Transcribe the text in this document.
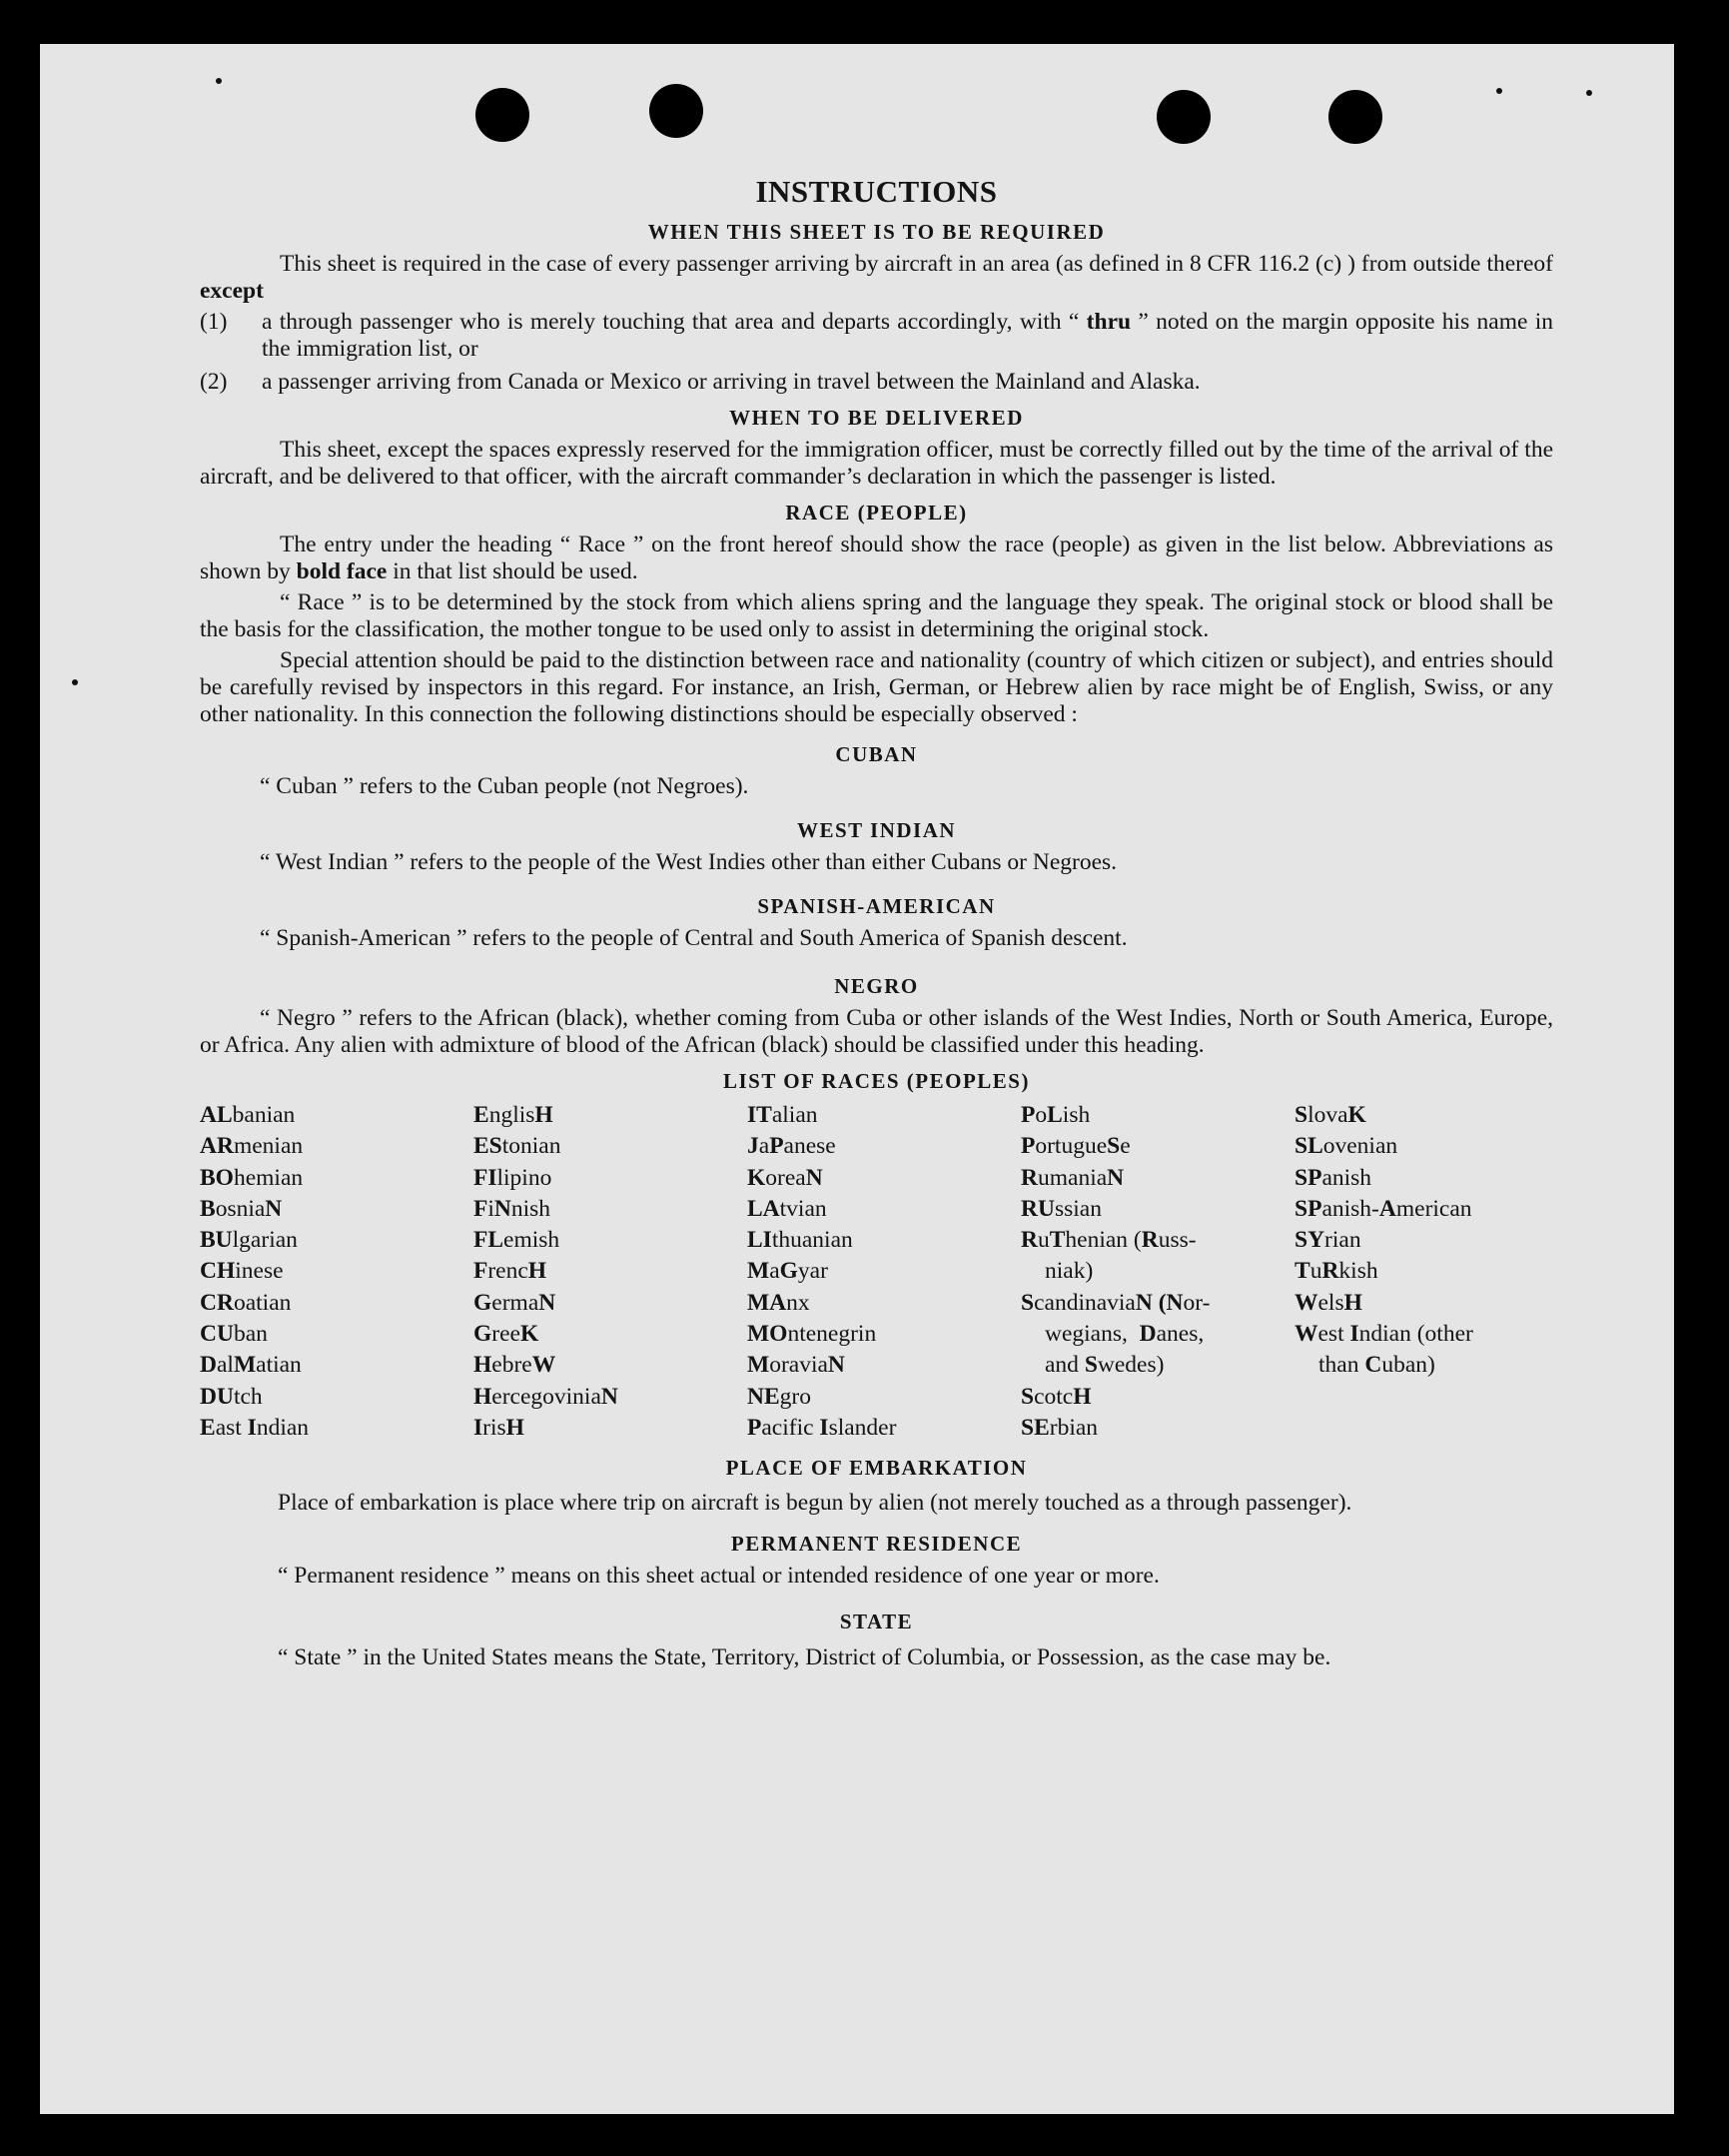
INSTRUCTIONS
WHEN THIS SHEET IS TO BE REQUIRED

This sheet is required in the case of every passenger arriving by aircraft in an area (as defined in 8 CFR 116.2 (c) ) from outside thereof except

(1)	a through passenger who is merely touching that area and departs accordingly, with “ thru ” noted on the margin opposite his name in the immigration list, or
(2)	a passenger arriving from Canada or Mexico or arriving in travel between the Mainland and Alaska.
WHEN TO BE DELIVERED

This sheet, except the spaces expressly reserved for the immigration officer, must be correctly filled out by the time of the arrival of the aircraft, and be delivered to that officer, with the aircraft commander’s declaration in which the passenger is listed.

RACE (PEOPLE)

The entry under the heading “ Race ” on the front hereof should show the race (people) as given in the list below. Abbreviations as shown by bold face in that list should be used.

“ Race ” is to be determined by the stock from which aliens spring and the language they speak. The original stock or blood shall be the basis for the classification, the mother tongue to be used only to assist in determining the original stock.

Special attention should be paid to the distinction between race and nationality (country of which citizen or subject), and entries should be carefully revised by inspectors in this regard. For instance, an Irish, German, or Hebrew alien by race might be of English, Swiss, or any other nationality. In this connection the following distinctions should be especially observed :

CUBAN

“ Cuban ” refers to the Cuban people (not Negroes).

WEST INDIAN

“ West Indian ” refers to the people of the West Indies other than either Cubans or Negroes.

SPANISH-AMERICAN

“ Spanish-American ” refers to the people of Central and South America of Spanish descent.

NEGRO

“ Negro ” refers to the African (black), whether coming from Cuba or other islands of the West Indies, North or South America, Europe, or Africa. Any alien with admixture of blood of the African (black) should be classified under this heading.

LIST OF RACES (PEOPLES)
ALbanian
ARmenian
BOhemian
BosniaN
BUlgarian
CHinese
CRoatian
CUban
DalMatian
DUtch
East Indian
EnglisH
EStonian
FIlipino
FiNnish
FLemish
FrencH
GermaN
GreeK
HebreW
HercegoviniaN
IrisH
ITalian
JaPanese
KoreaN
LAtvian
LIthuanian
MaGyar
MAnx
MOntenegrin
MoraviaN
NEgro
Pacific Islander
PoLish
PortugueSe
RumaniaN
RUssian
RuThenian (Russ-
niak)
ScandinaviaN (Nor-
wegians,  Danes,
and Swedes)
ScotcH
SErbian
SlovaK
SLovenian
SPanish
SPanish-American
SYrian
TuRkish
WelsH
West Indian (other
than Cuban)
PLACE OF EMBARKATION

Place of embarkation is place where trip on aircraft is begun by alien (not merely touched as a through passenger).

PERMANENT RESIDENCE

“ Permanent residence ” means on this sheet actual or intended residence of one year or more.

STATE

“ State ” in the United States means the State, Territory, District of Columbia, or Possession, as the case may be.
